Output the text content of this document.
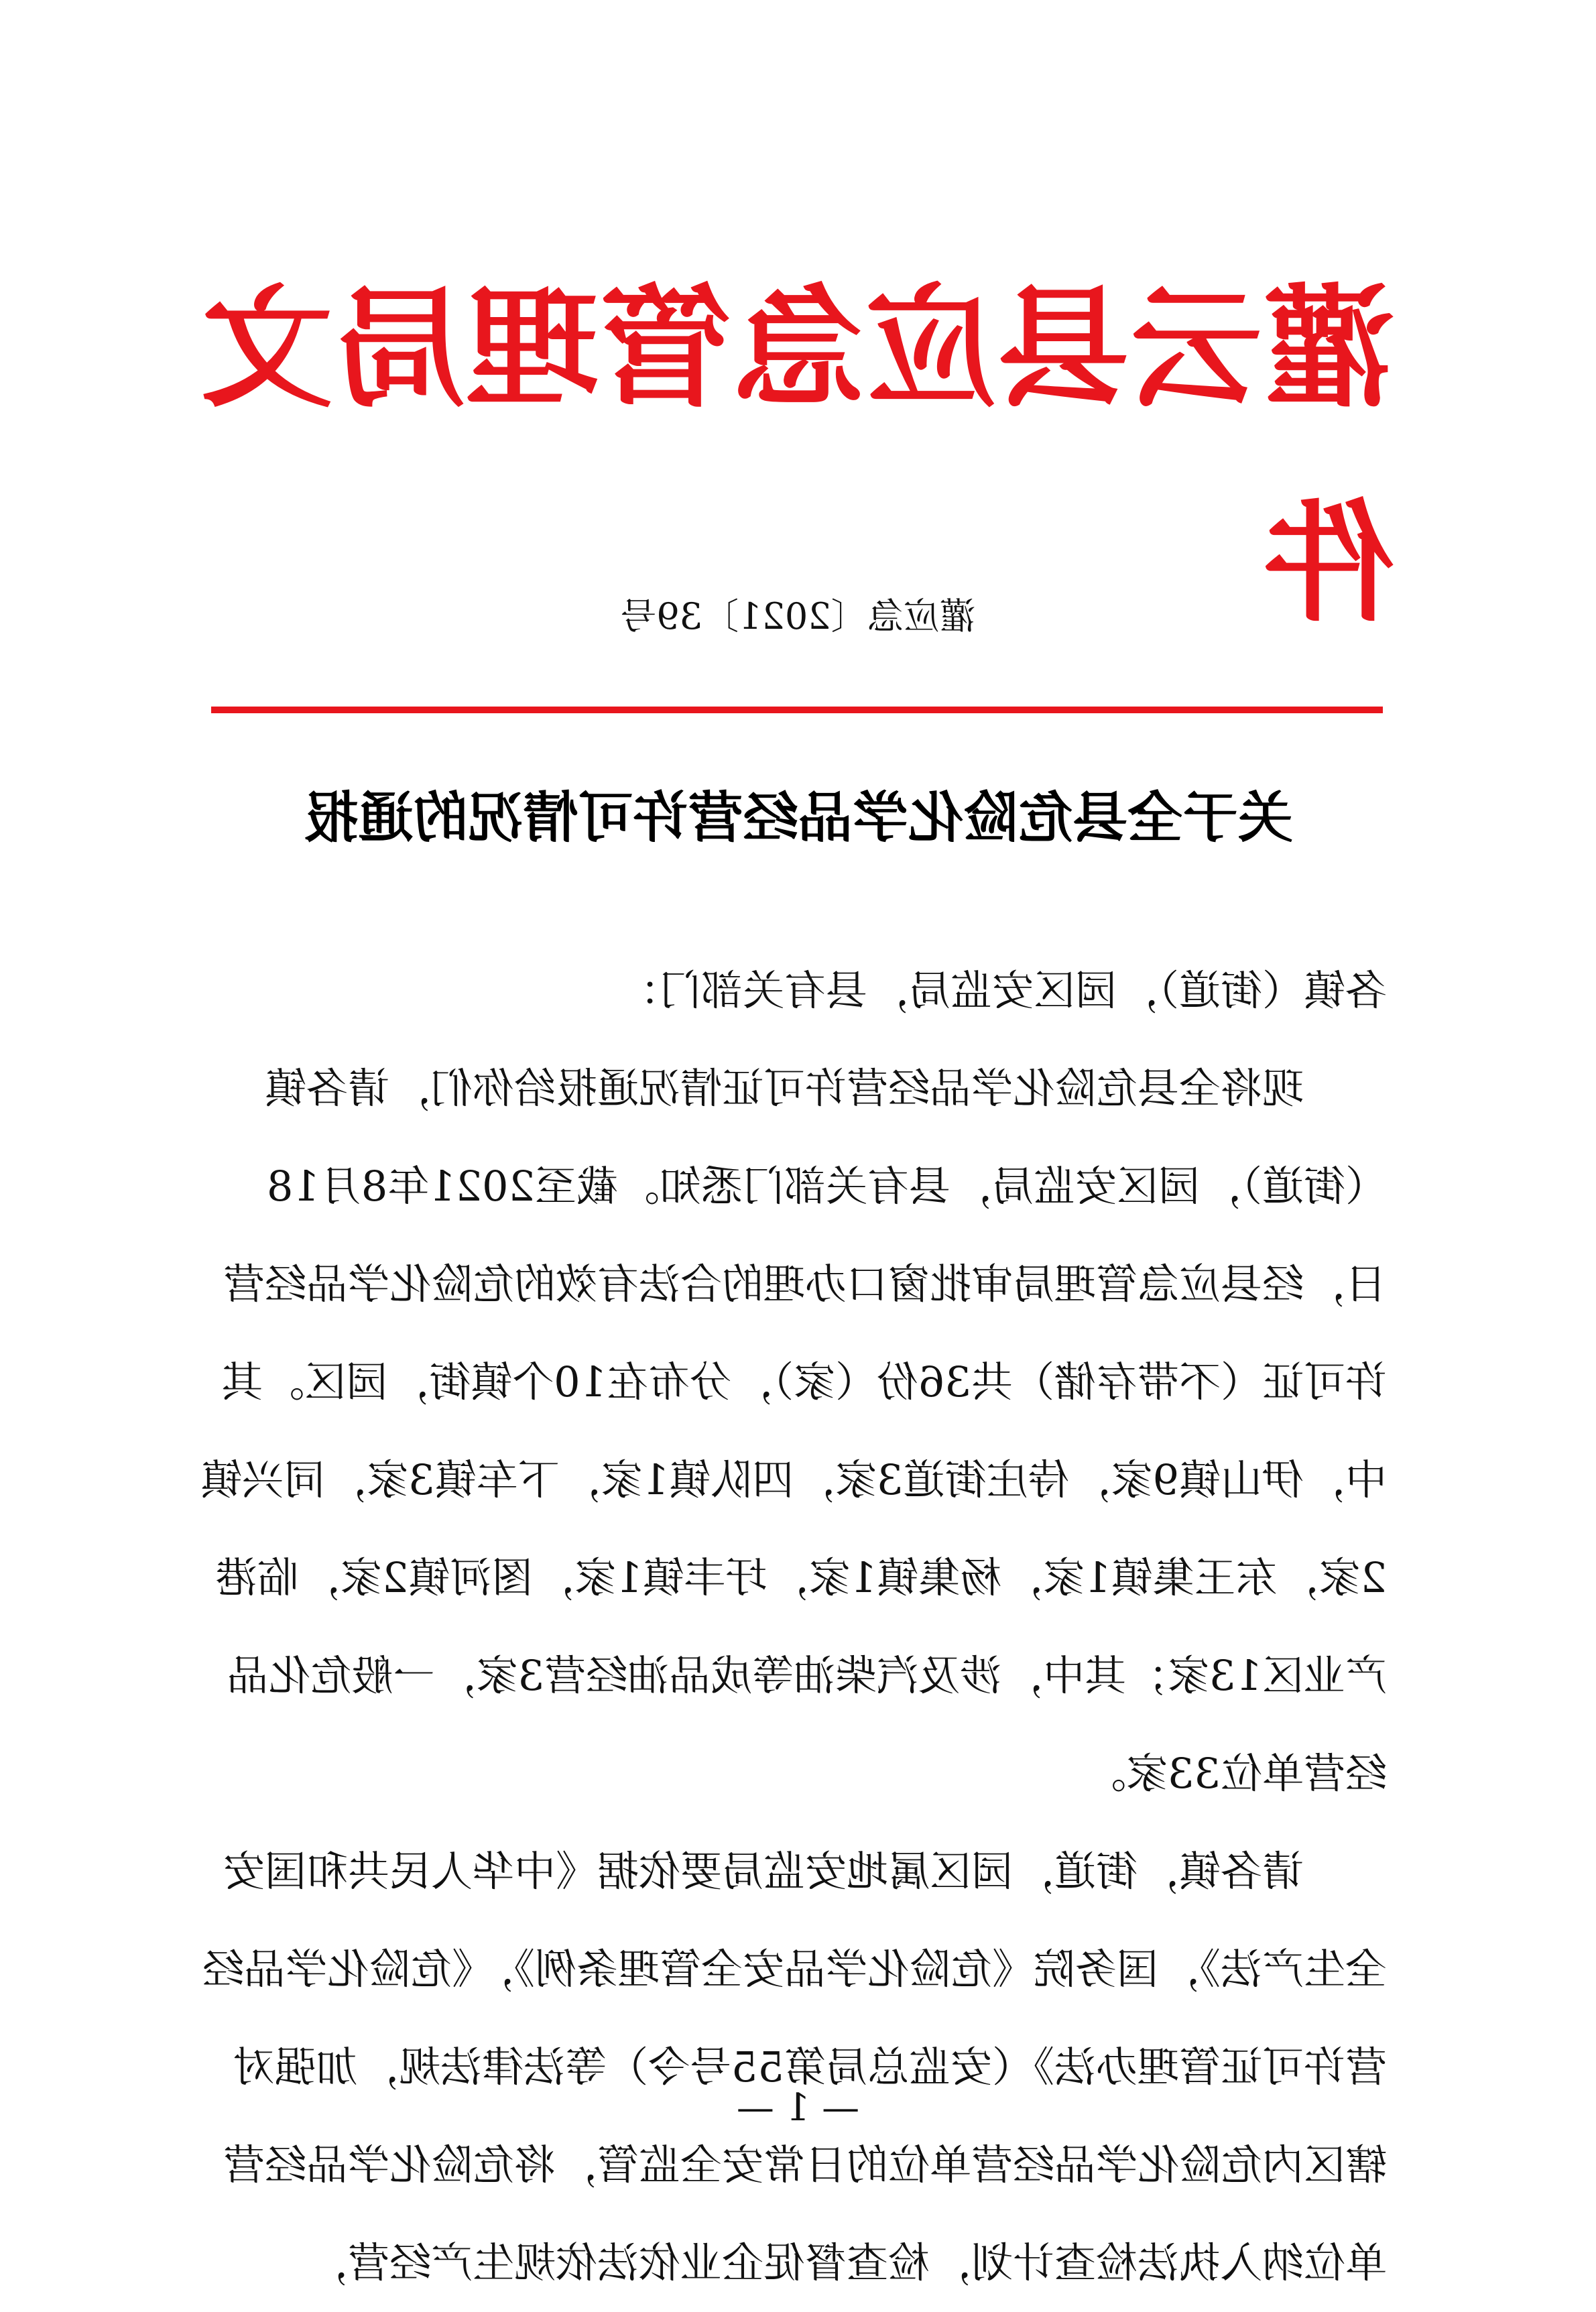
灌云县应急管理局文件
灌应急〔2021〕39号
关于全县危险化学品经营许可情况的通报

各镇（街道），园区安监局，县有关部门：

现将全县危险化学品经营许可证情况通报给你们，请各镇（街道），园区安监局，县有关部门悉知。截至2021年8月18日，经县应急管理局审批窗口办理的合法有效的危险化学品经营许可证（不带存储）共36份（家），分布在10个镇街，园区。其中，伊山镇9家，侍庄街道3家，四队镇1家，下车镇3家，同兴镇2家，东王集镇1家，杨集镇1家，圩丰镇1家，图河镇2家，临港产业区13家；其中，涉及汽柴油等成品油经营3家，一般危化品经营单位33家。

请各镇，街道，园区属地安监局要依据《中华人民共和国安全生产法》，国务院《危险化学品安全管理条例》，《危险化学品经营许可证管理办法》（安监总局第55号令）等法律法规，加强对辖区内危险化学品经营单位的日常安全监管，将危险化学品经营单位纳入执法检查计划，检查督促企业依法依规生产经营，

— 1 —
